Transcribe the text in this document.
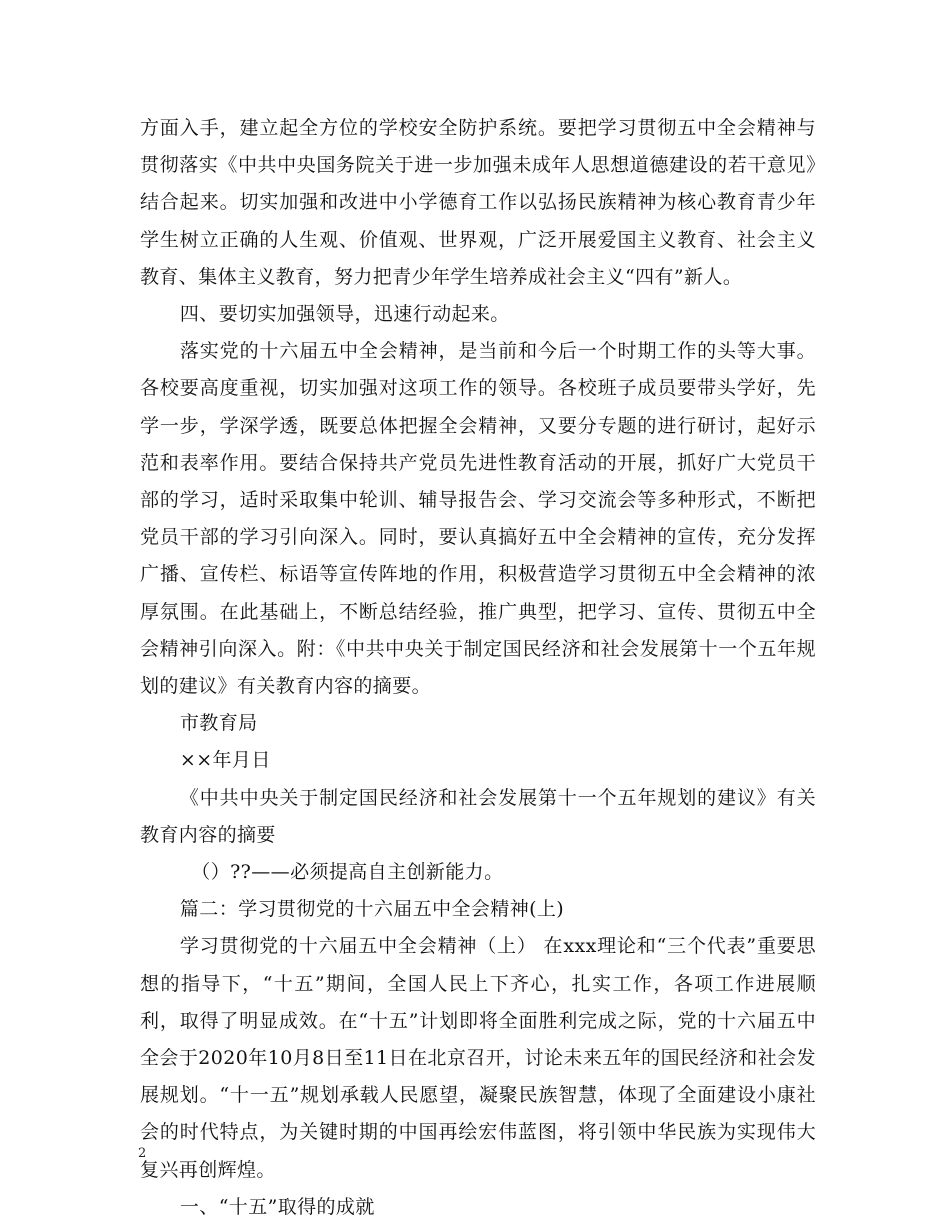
方面入手，建立起全方位的学校安全防护系统。要把学习贯彻五中全会精神与贯彻落实《中共中央国务院关于进一步加强未成年人思想道德建设的若干意见》结合起来。切实加强和改进中小学德育工作以弘扬民族精神为核心教育青少年学生树立正确的人生观、价值观、世界观，广泛开展爱国主义教育、社会主义教育、集体主义教育，努力把青少年学生培养成社会主义“四有”新人。

四、要切实加强领导，迅速行动起来。

落实党的十六届五中全会精神，是当前和今后一个时期工作的头等大事。各校要高度重视，切实加强对这项工作的领导。各校班子成员要带头学好，先学一步，学深学透，既要总体把握全会精神，又要分专题的进行研讨，起好示范和表率作用。要结合保持共产党员先进性教育活动的开展，抓好广大党员干部的学习，适时采取集中轮训、辅导报告会、学习交流会等多种形式，不断把党员干部的学习引向深入。同时，要认真搞好五中全会精神的宣传，充分发挥广播、宣传栏、标语等宣传阵地的作用，积极营造学习贯彻五中全会精神的浓厚氛围。在此基础上，不断总结经验，推广典型，把学习、宣传、贯彻五中全会精神引向深入。附：《中共中央关于制定国民经济和社会发展第十一个五年规划的建议》有关教育内容的摘要。

市教育局

××年月日

《中共中央关于制定国民经济和社会发展第十一个五年规划的建议》有关教育内容的摘要

（）??——必须提高自主创新能力。

篇二：学习贯彻党的十六届五中全会精神(上)

学习贯彻党的十六届五中全会精神（上） 在xxx理论和“三个代表”重要思想的指导下，“十五”期间，全国人民上下齐心，扎实工作，各项工作进展顺利，取得了明显成效。在“十五”计划即将全面胜利完成之际，党的十六届五中全会于2020年10月8日至11日在北京召开，讨论未来五年的国民经济和社会发展规划。“十一五”规划承载人民愿望，凝聚民族智慧，体现了全面建设小康社会的时代特点，为关键时期的中国再绘宏伟蓝图，将引领中华民族为实现伟大复兴再创辉煌。

一、“十五”取得的成就

2
